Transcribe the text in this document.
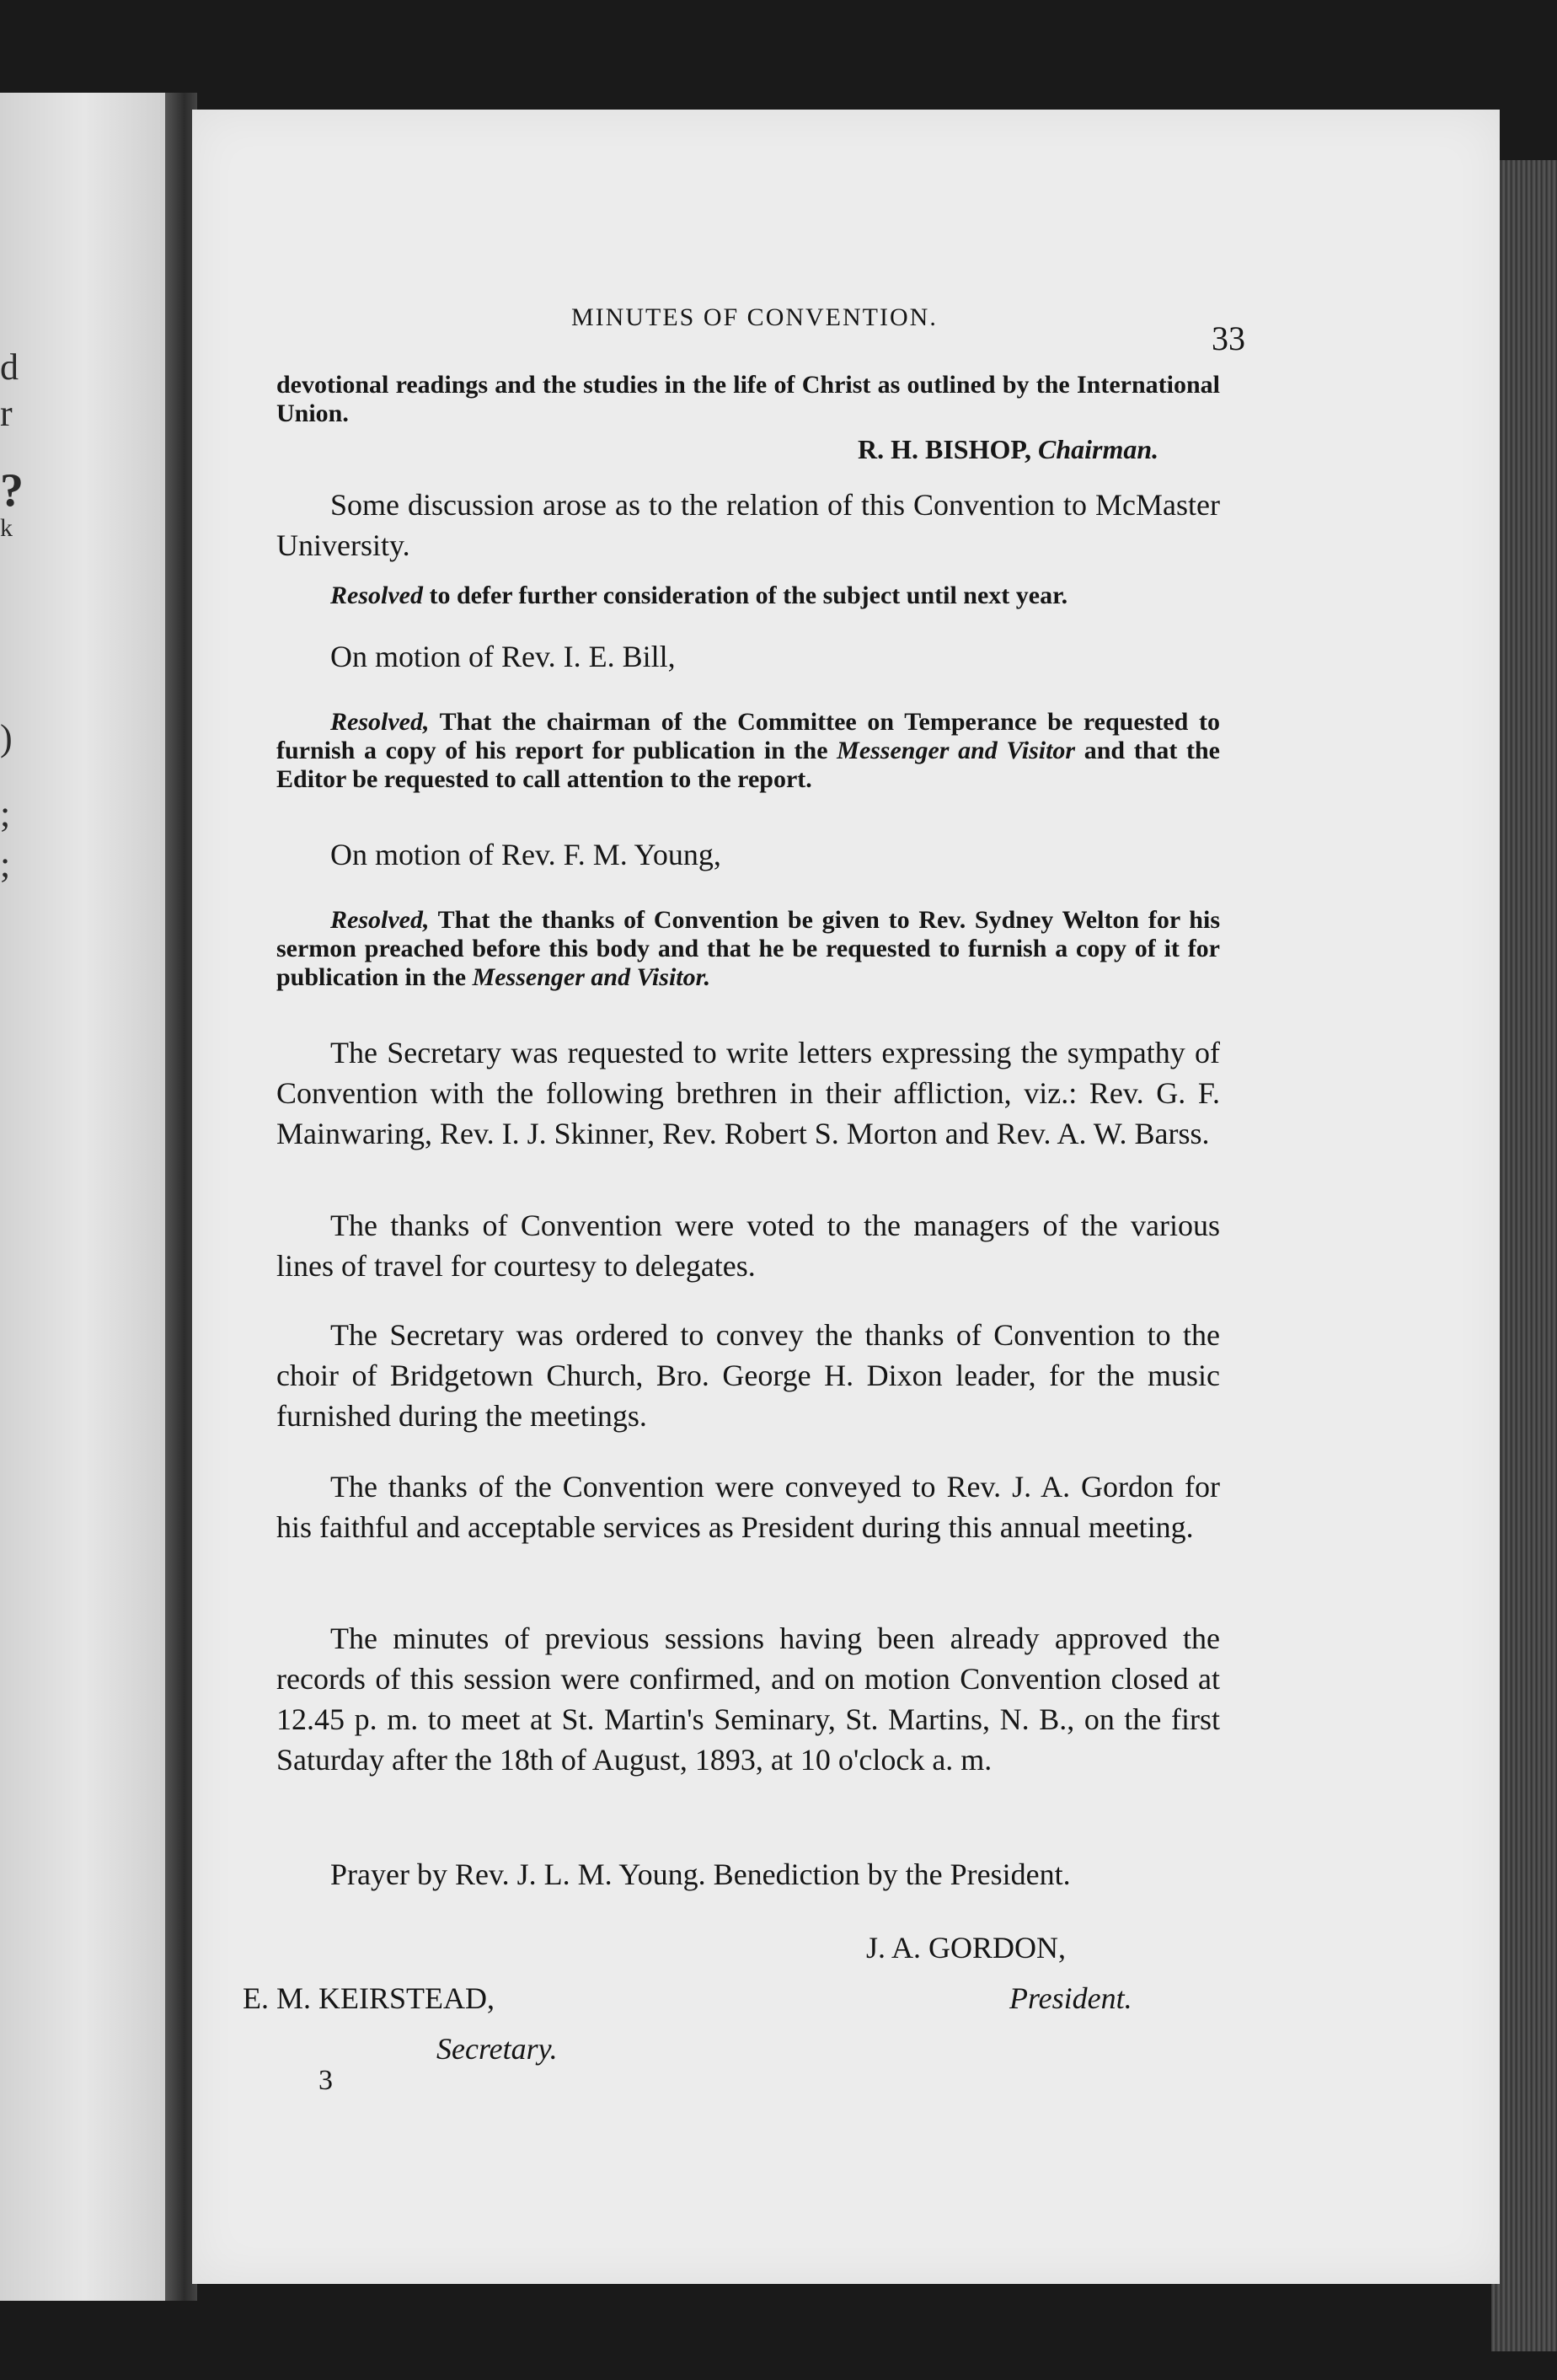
d
r
?
k
)
;
;

MINUTES OF CONVENTION.

33

devotional readings and the studies in the life of Christ as outlined by the International Union.

R. H. BISHOP, Chairman.

Some discussion arose as to the relation of this Convention to McMaster University.

Resolved to defer further consideration of the subject until next year.

On motion of Rev. I. E. Bill,

Resolved, That the chairman of the Committee on Temperance be requested to furnish a copy of his report for publication in the Messenger and Visitor and that the Editor be requested to call attention to the report.

On motion of Rev. F. M. Young,

Resolved, That the thanks of Convention be given to Rev. Sydney Welton for his sermon preached before this body and that he be requested to furnish a copy of it for publication in the Messenger and Visitor.

The Secretary was requested to write letters expressing the sympathy of Convention with the following brethren in their affliction, viz.: Rev. G. F. Mainwaring, Rev. I. J. Skinner, Rev. Robert S. Morton and Rev. A. W. Barss.

The thanks of Convention were voted to the managers of the various lines of travel for courtesy to delegates.

The Secretary was ordered to convey the thanks of Convention to the choir of Bridgetown Church, Bro. George H. Dixon leader, for the music furnished during the meetings.

The thanks of the Convention were conveyed to Rev. J. A. Gordon for his faithful and acceptable services as President during this annual meeting.

The minutes of previous sessions having been already approved the records of this session were confirmed, and on motion Convention closed at 12.45 p. m. to meet at St. Martin's Seminary, St. Martins, N. B., on the first Saturday after the 18th of August, 1893, at 10 o'clock a. m.

Prayer by Rev. J. L. M. Young. Benediction by the President.

J. A. GORDON,

President.

E. M. KEIRSTEAD,

Secretary.

3
